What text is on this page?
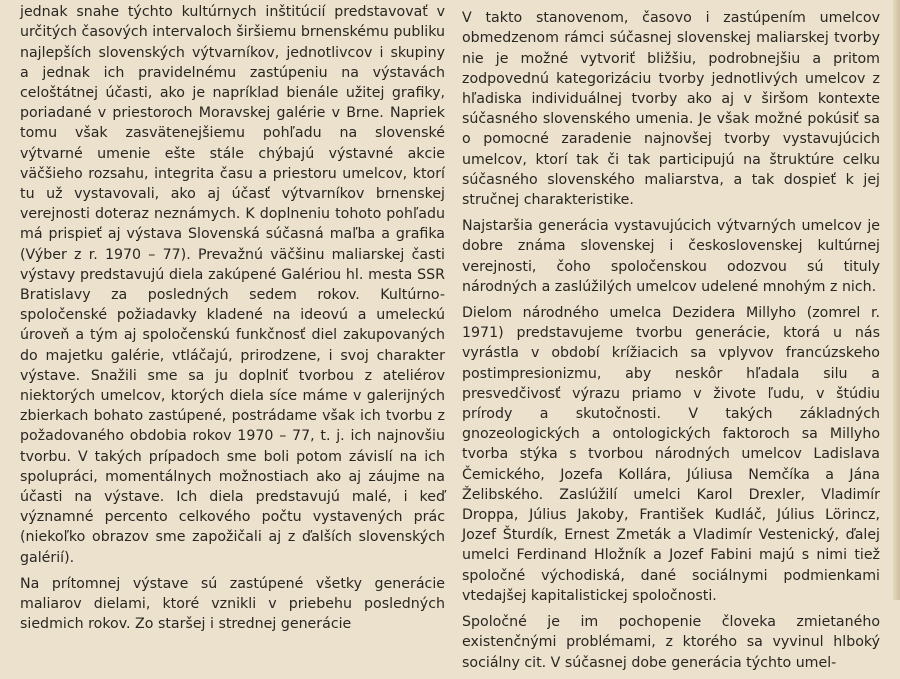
jednak snahe týchto kultúrnych inštitúcií predstavovať v určitých časových intervaloch širšiemu brnenskému publiku najlepších slovenských výtvarníkov, jednotlivcov i skupiny a jednak ich pravidelnému zastúpeniu na výstavách celoštátnej účasti, ako je napríklad bienále užitej grafiky, poriadané v priestoroch Moravskej galérie v Brne. Napriek tomu však zasvätenejšiemu pohľadu na slovenské výtvarné umenie ešte stále chýbajú výstavné akcie väčšieho rozsahu, integrita času a priestoru umelcov, ktorí tu už vystavovali, ako aj účasť výtvarníkov brnenskej verejnosti doteraz neznámych. K doplneniu tohoto pohľadu má prispieť aj výstava Slovenská súčasná maľba a grafika (Výber z r. 1970 – 77). Prevažnú väčšinu maliarskej časti výstavy predstavujú diela zakúpené Galériou hl. mesta SSR Bratislavy za posledných sedem rokov. Kultúrno-spoločenské požiadavky kladené na ideovú a umeleckú úroveň a tým aj spoločenskú funkčnosť diel zakupovaných do majetku galérie, vtláčajú, prirodzene, i svoj charakter výstave. Snažili sme sa ju doplniť tvorbou z ateliérov niektorých umelcov, ktorých diela síce máme v galerijných zbierkach bohato zastúpené, postrádame však ich tvorbu z požadovaného obdobia rokov 1970 – 77, t. j. ich najnovšiu tvorbu. V takých prípadoch sme boli potom závislí na ich spolupráci, momentálnych možnostiach ako aj záujme na účasti na výstave. Ich diela predstavujú malé, i keď významné percento celkového počtu vystavených prác (niekoľko obrazov sme zapožičali aj z ďalších slovenských galérií).

Na prítomnej výstave sú zastúpené všetky generácie maliarov dielami, ktoré vznikli v priebehu posledných siedmich rokov. Zo staršej i strednej generácie

V takto stanovenom, časovo i zastúpením umelcov obmedzenom rámci súčasnej slovenskej maliarskej tvorby nie je možné vytvoriť bližšiu, podrobnejšiu a pritom zodpovednú kategorizáciu tvorby jednotlivých umelcov z hľadiska individuálnej tvorby ako aj v širšom kontexte súčasného slovenského umenia. Je však možné pokúsiť sa o pomocné zaradenie najnovšej tvorby vystavujúcich umelcov, ktorí tak či tak participujú na štruktúre celku súčasného slovenského maliarstva, a tak dospieť k jej stručnej charakteristike.

Najstaršia generácia vystavujúcich výtvarných umelcov je dobre známa slovenskej i československej kultúrnej verejnosti, čoho spoločenskou odozvou sú tituly národných a zaslúžilých umelcov udelené mnohým z nich.

Dielom národného umelca Dezidera Millyho (zomrel r. 1971) predstavujeme tvorbu generácie, ktorá u nás vyrástla v období krížiacich sa vplyvov francúzskeho postimpresionizmu, aby neskôr hľadala silu a presvedčivosť výrazu priamo v živote ľudu, v štúdiu prírody a skutočnosti. V takých základných gnozeologických a ontologických faktoroch sa Millyho tvorba stýka s tvorbou národných umelcov Ladislava Čemického, Jozefa Kollára, Júliusa Nemčíka a Jána Želibského. Zaslúžilí umelci Karol Drexler, Vladimír Droppa, Július Jakoby, František Kudláč, Július Lörincz, Jozef Šturdík, Ernest Zmeták a Vladimír Vestenický, ďalej umelci Ferdinand Hložník a Jozef Fabini majú s nimi tiež spoločné východiská, dané sociálnymi podmienkami vtedajšej kapitalistickej spoločnosti.

Spoločné je im pochopenie človeka zmietaného existenčnými problémami, z ktorého sa vyvinul hlboký sociálny cit. V súčasnej dobe generácia týchto umel-
